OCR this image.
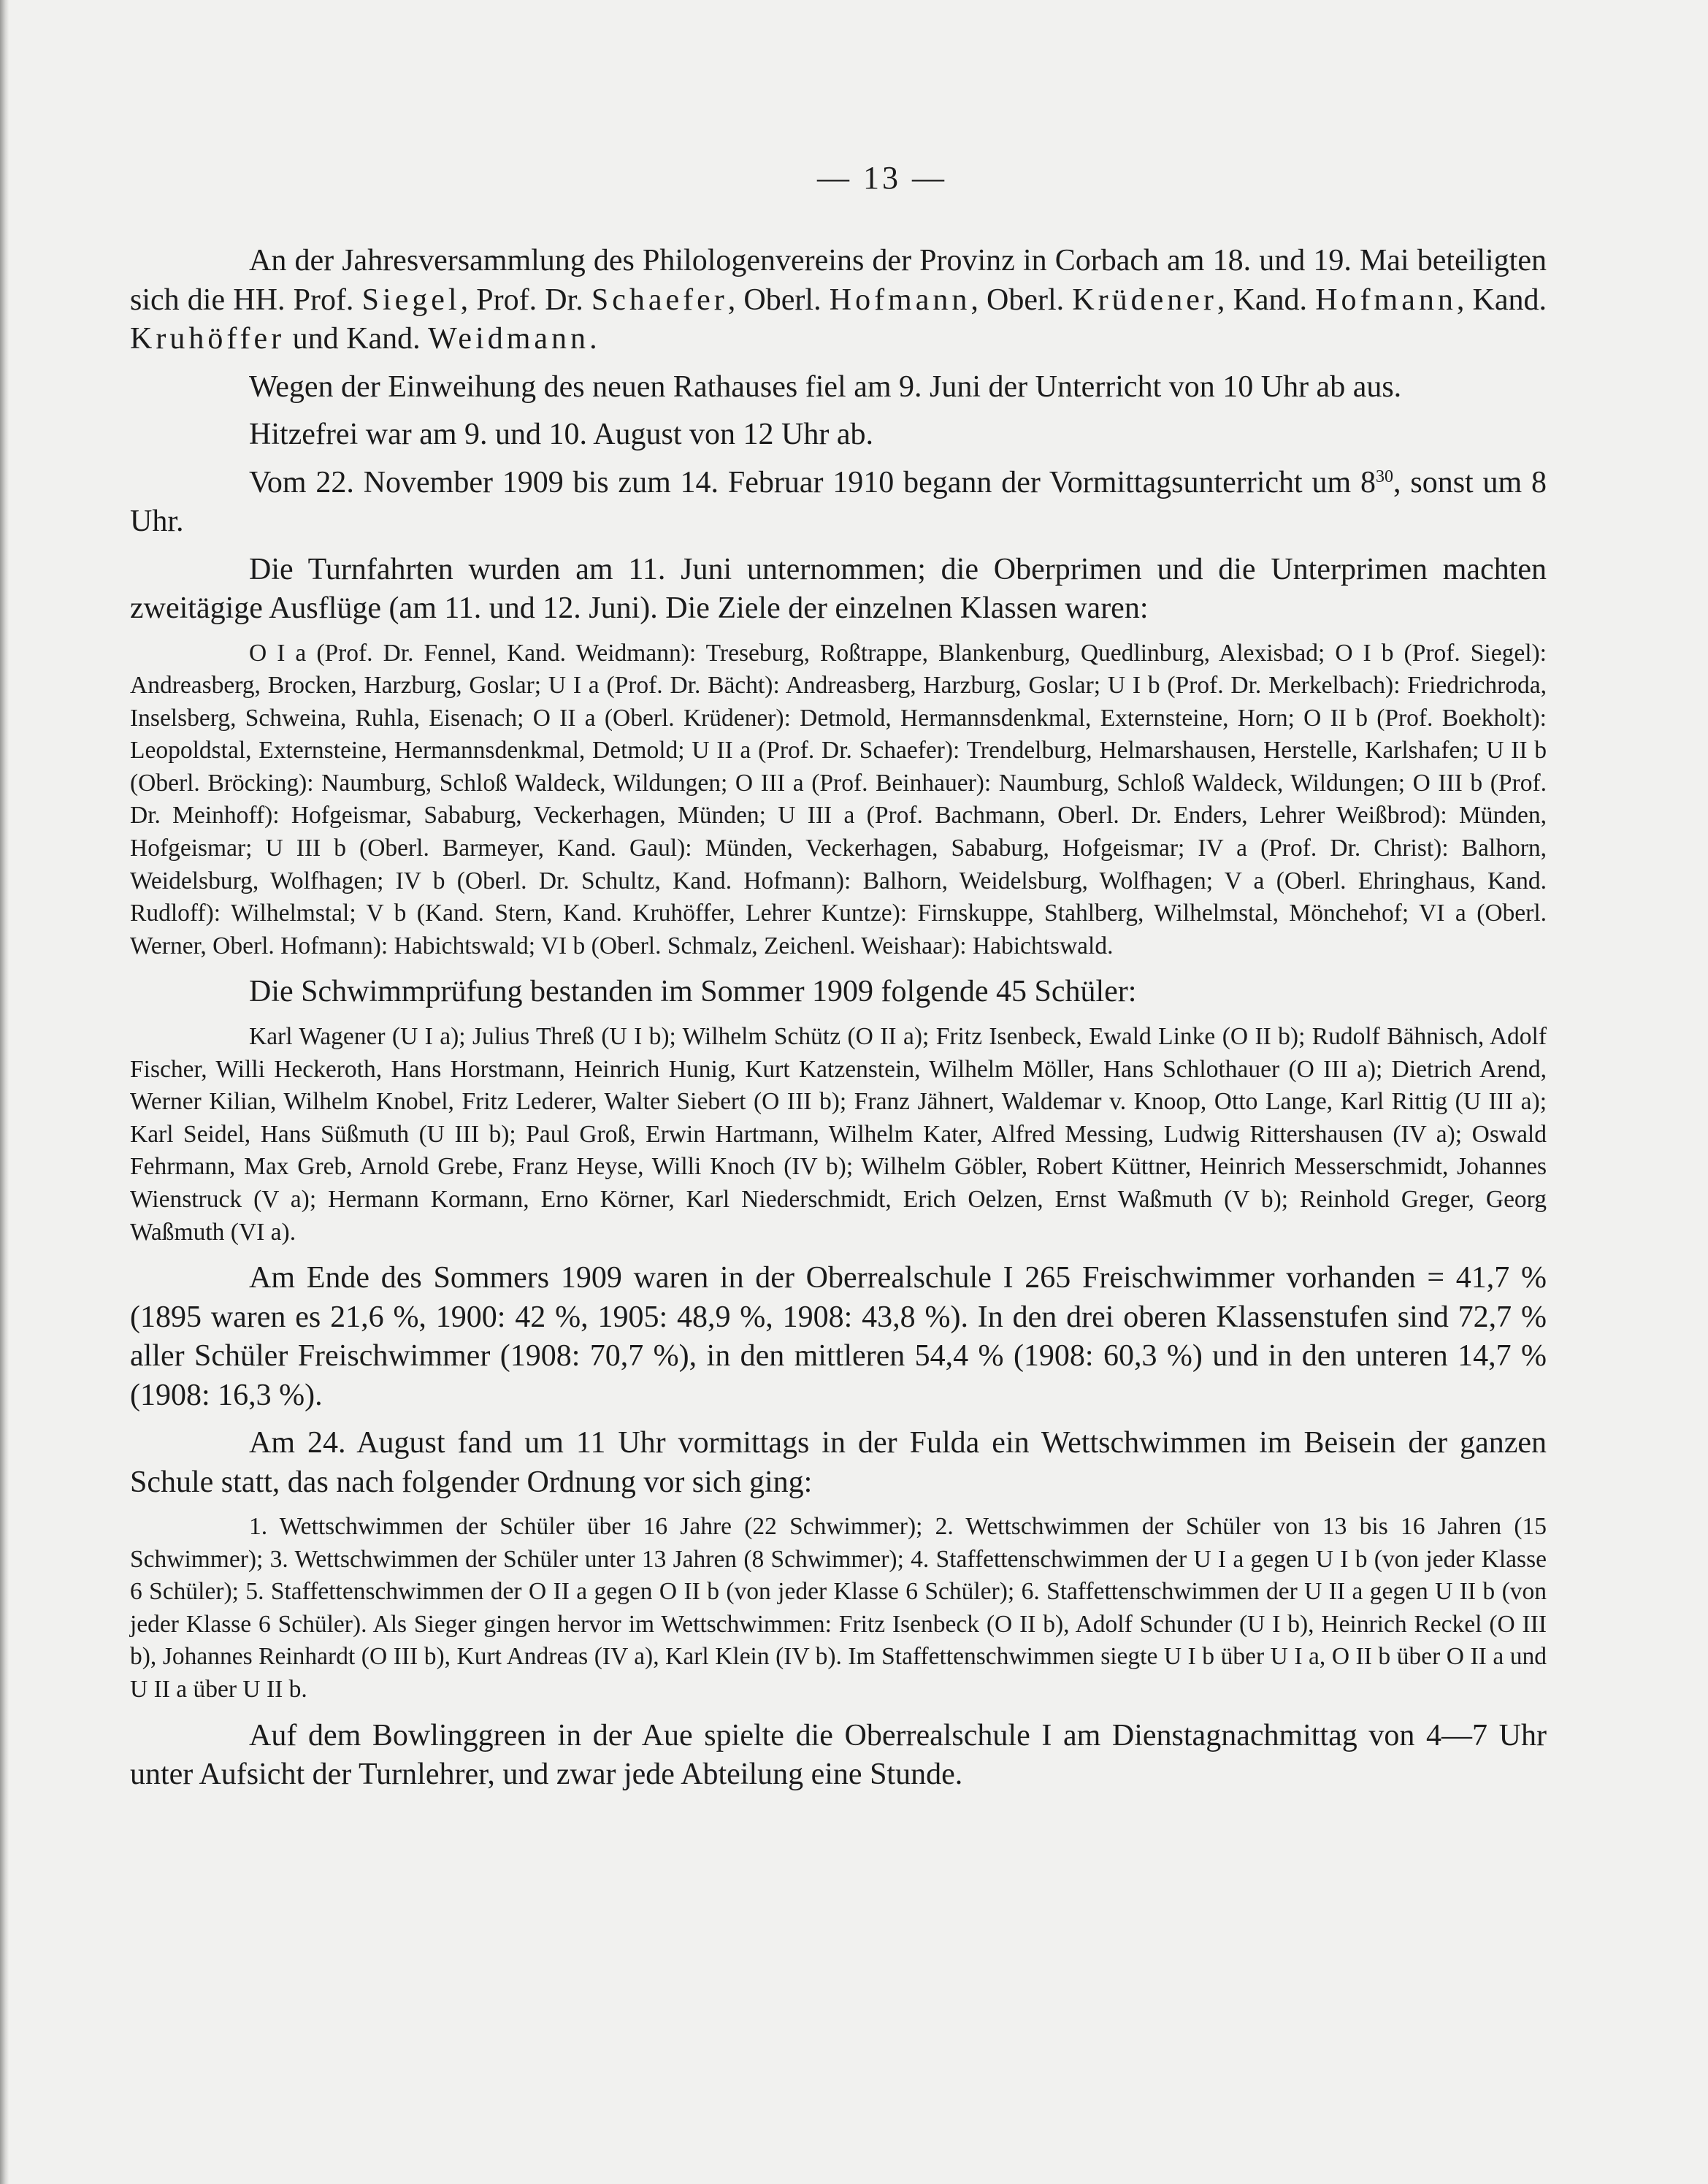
— 13 —

An der Jahresversammlung des Philologenvereins der Provinz in Corbach am 18. und 19. Mai beteiligten sich die HH. Prof. Siegel, Prof. Dr. Schaefer, Oberl. Hofmann, Oberl. Krüdener, Kand. Hofmann, Kand. Kruhöffer und Kand. Weidmann.

Wegen der Einweihung des neuen Rathauses fiel am 9. Juni der Unterricht von 10 Uhr ab aus.

Hitzefrei war am 9. und 10. August von 12 Uhr ab.

Vom 22. November 1909 bis zum 14. Februar 1910 begann der Vormittagsunterricht um $8^{30}$, sonst um 8 Uhr.

Die Turnfahrten wurden am 11. Juni unternommen; die Oberprimen und die Unterprimen machten zweitägige Ausflüge (am 11. und 12. Juni). Die Ziele der einzelnen Klassen waren:

O I a (Prof. Dr. Fennel, Kand. Weidmann): Treseburg, Roßtrappe, Blankenburg, Quedlinburg, Alexisbad; O I b (Prof. Siegel): Andreasberg, Brocken, Harzburg, Goslar; U I a (Prof. Dr. Bächt): Andreasberg, Harzburg, Goslar; U I b (Prof. Dr. Merkelbach): Friedrichroda, Inselsberg, Schweina, Ruhla, Eisenach; O II a (Oberl. Krüdener): Detmold, Hermannsdenkmal, Externsteine, Horn; O II b (Prof. Boekholt): Leopoldstal, Externsteine, Hermannsdenkmal, Detmold; U II a (Prof. Dr. Schaefer): Trendelburg, Helmarshausen, Herstelle, Karlshafen; U II b (Oberl. Bröcking): Naumburg, Schloß Waldeck, Wildungen; O III a (Prof. Beinhauer): Naumburg, Schloß Waldeck, Wildungen; O III b (Prof. Dr. Meinhoff): Hofgeismar, Sababurg, Veckerhagen, Münden; U III a (Prof. Bachmann, Oberl. Dr. Enders, Lehrer Weißbrod): Münden, Hofgeismar; U III b (Oberl. Barmeyer, Kand. Gaul): Münden, Veckerhagen, Sababurg, Hofgeismar; IV a (Prof. Dr. Christ): Balhorn, Weidelsburg, Wolfhagen; IV b (Oberl. Dr. Schultz, Kand. Hofmann): Balhorn, Weidelsburg, Wolfhagen; V a (Oberl. Ehringhaus, Kand. Rudloff): Wilhelmstal; V b (Kand. Stern, Kand. Kruhöffer, Lehrer Kuntze): Firnskuppe, Stahlberg, Wilhelmstal, Mönchehof; VI a (Oberl. Werner, Oberl. Hofmann): Habichtswald; VI b (Oberl. Schmalz, Zeichenl. Weishaar): Habichtswald.

Die Schwimmprüfung bestanden im Sommer 1909 folgende 45 Schüler:

Karl Wagener (U I a); Julius Threß (U I b); Wilhelm Schütz (O II a); Fritz Isenbeck, Ewald Linke (O II b); Rudolf Bähnisch, Adolf Fischer, Willi Heckeroth, Hans Horstmann, Heinrich Hunig, Kurt Katzenstein, Wilhelm Möller, Hans Schlothauer (O III a); Dietrich Arend, Werner Kilian, Wilhelm Knobel, Fritz Lederer, Walter Siebert (O III b); Franz Jähnert, Waldemar v. Knoop, Otto Lange, Karl Rittig (U III a); Karl Seidel, Hans Süßmuth (U III b); Paul Groß, Erwin Hartmann, Wilhelm Kater, Alfred Messing, Ludwig Rittershausen (IV a); Oswald Fehrmann, Max Greb, Arnold Grebe, Franz Heyse, Willi Knoch (IV b); Wilhelm Göbler, Robert Küttner, Heinrich Messerschmidt, Johannes Wienstruck (V a); Hermann Kormann, Erno Körner, Karl Niederschmidt, Erich Oelzen, Ernst Waßmuth (V b); Reinhold Greger, Georg Waßmuth (VI a).

Am Ende des Sommers 1909 waren in der Oberrealschule I 265 Freischwimmer vorhanden = 41,7 % (1895 waren es 21,6 %, 1900: 42 %, 1905: 48,9 %, 1908: 43,8 %). In den drei oberen Klassenstufen sind 72,7 % aller Schüler Freischwimmer (1908: 70,7 %), in den mittleren 54,4 % (1908: 60,3 %) und in den unteren 14,7 % (1908: 16,3 %).

Am 24. August fand um 11 Uhr vormittags in der Fulda ein Wettschwimmen im Beisein der ganzen Schule statt, das nach folgender Ordnung vor sich ging:

1. Wettschwimmen der Schüler über 16 Jahre (22 Schwimmer); 2. Wettschwimmen der Schüler von 13 bis 16 Jahren (15 Schwimmer); 3. Wettschwimmen der Schüler unter 13 Jahren (8 Schwimmer); 4. Staffettenschwimmen der U I a gegen U I b (von jeder Klasse 6 Schüler); 5. Staffettenschwimmen der O II a gegen O II b (von jeder Klasse 6 Schüler); 6. Staffettenschwimmen der U II a gegen U II b (von jeder Klasse 6 Schüler). Als Sieger gingen hervor im Wettschwimmen: Fritz Isenbeck (O II b), Adolf Schunder (U I b), Heinrich Reckel (O III b), Johannes Reinhardt (O III b), Kurt Andreas (IV a), Karl Klein (IV b). Im Staffettenschwimmen siegte U I b über U I a, O II b über O II a und U II a über U II b.

Auf dem Bowlinggreen in der Aue spielte die Oberrealschule I am Dienstagnachmittag von 4—7 Uhr unter Aufsicht der Turnlehrer, und zwar jede Abteilung eine Stunde.
